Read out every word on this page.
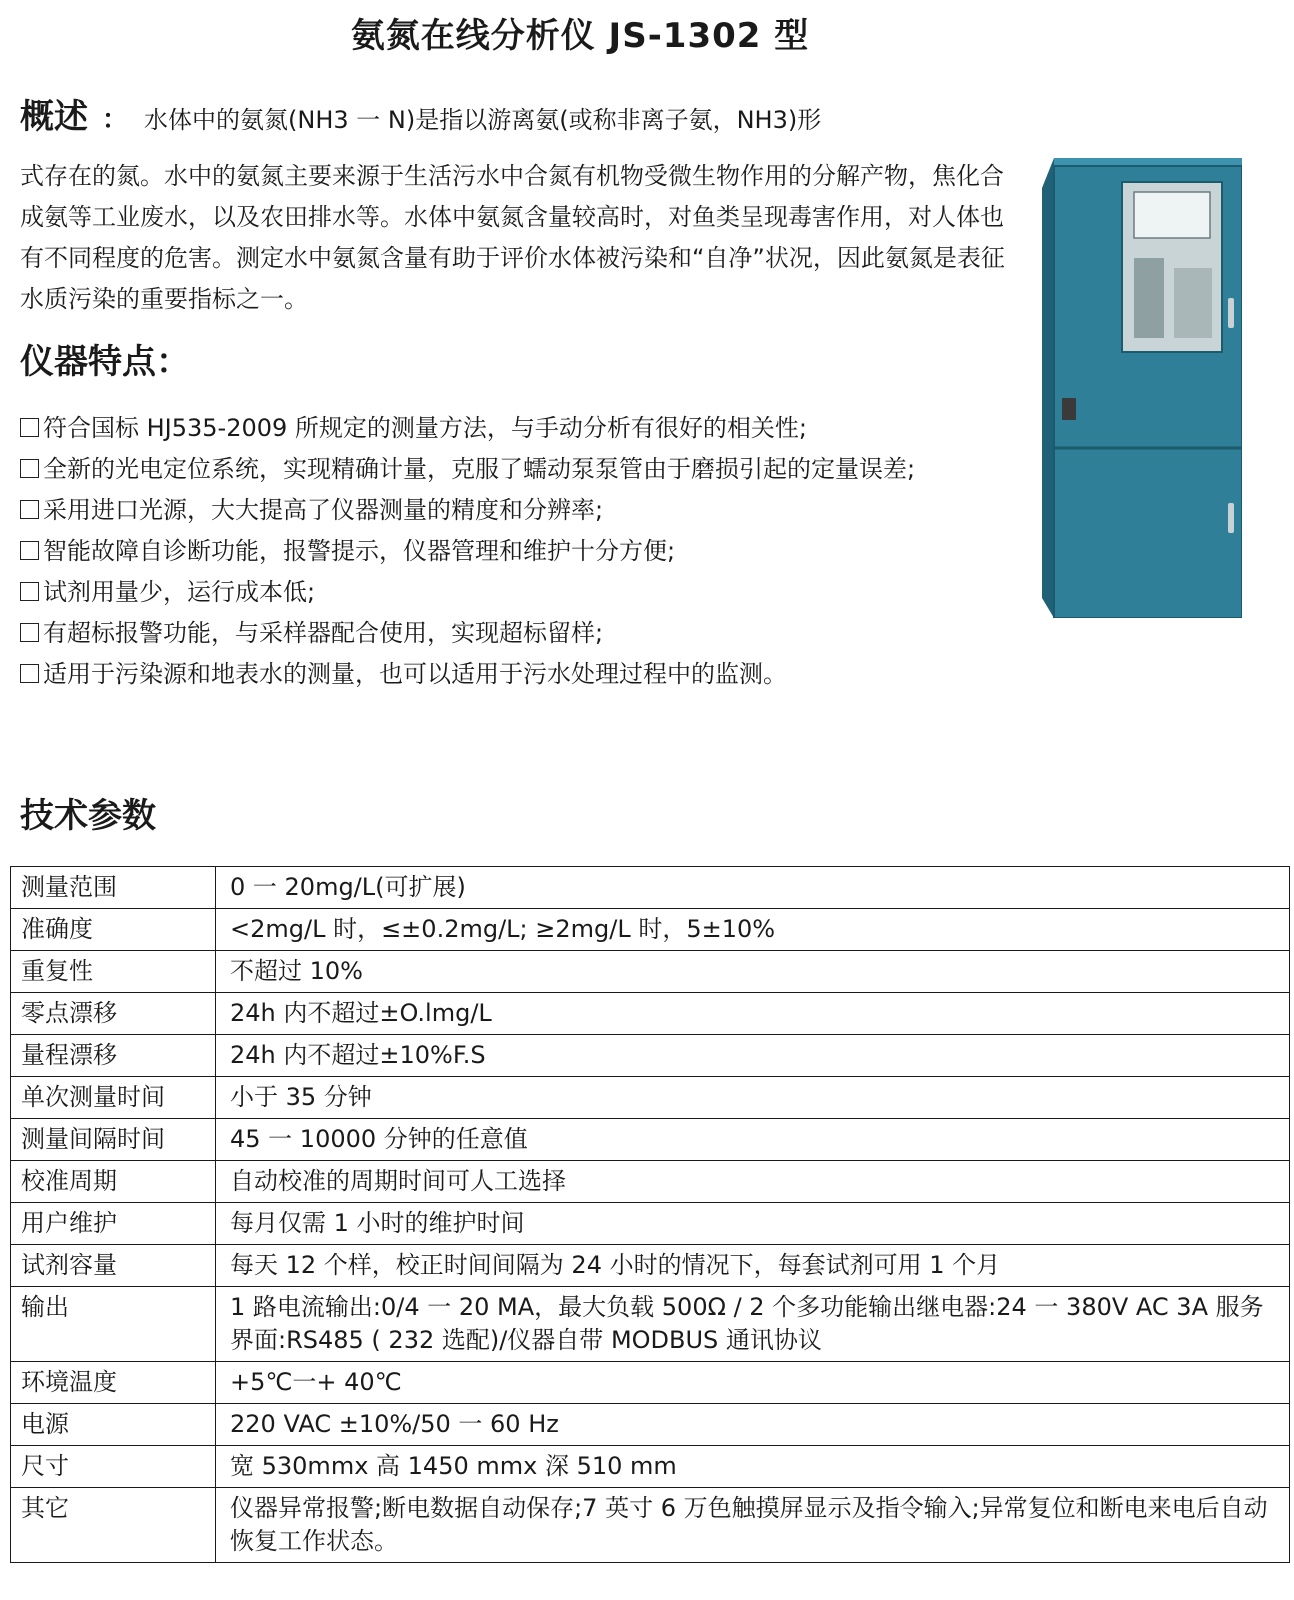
氨氮在线分析仪 JS-1302 型
概述 ： 水体中的氨氮(NH3 一 N)是指以游离氨(或称非离子氨，NH3)形
式存在的氮。水中的氨氮主要来源于生活污水中合氮有机物受微生物作用的分解产物，焦化合成氨等工业废水，以及农田排水等。水体中氨氮含量较高时，对鱼类呈现毒害作用，对人体也有不同程度的危害。测定水中氨氮含量有助于评价水体被污染和“自净”状况，因此氨氮是表征水质污染的重要指标之一。
仪器特点：
符合国标 HJ535-2009 所规定的测量方法，与手动分析有很好的相关性;
全新的光电定位系统，实现精确计量，克服了蠕动泵泵管由于磨损引起的定量误差;
采用进口光源，大大提高了仪器测量的精度和分辨率;
智能故障自诊断功能，报警提示，仪器管理和维护十分方便;
试剂用量少，运行成本低;
有超标报警功能，与采样器配合使用，实现超标留样;
适用于污染源和地表水的测量，也可以适用于污水处理过程中的监测。
技术参数
测量范围	0 一 20mg/L(可扩展)
准确度	<2mg/L 时，≤±0.2mg/L; ≥2mg/L 时，5±10%
重复性	不超过 10%
零点漂移	24h 内不超过±O.lmg/L
量程漂移	24h 内不超过±10%F.S
单次测量时间	小于 35 分钟
测量间隔时间	45 一 10000 分钟的任意值
校准周期	自动校准的周期时间可人工选择
用户维护	每月仅需 1 小时的维护时间
试剂容量	每天 12 个样，校正时间间隔为 24 小时的情况下，每套试剂可用 1 个月
输出	1 路电流输出:0/4 一 20 MA，最大负载 500Ω / 2 个多功能输出继电器:24 一 380V AC 3A 服务界面:RS485 ( 232 选配)/仪器自带 MODBUS 通讯协议
环境温度	+5℃一+ 40℃
电源	220 VAC ±10%/50 一 60 Hz
尺寸	宽 530mmx 高 1450 mmx 深 510 mm
其它	仪器异常报警;断电数据自动保存;7 英寸 6 万色触摸屏显示及指令输入;异常复位和断电来电后自动恢复工作状态。
